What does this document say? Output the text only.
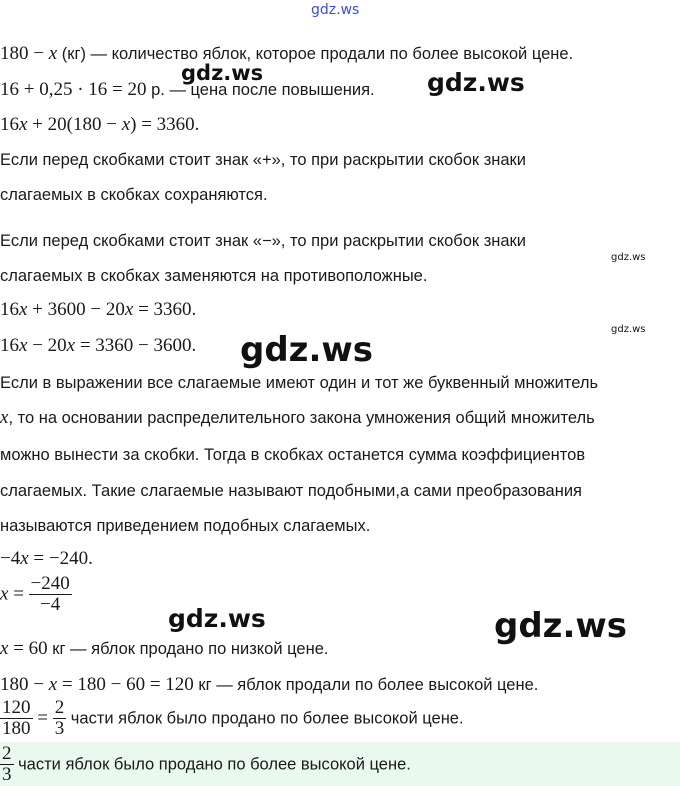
gdz.ws
gdz.ws	gdz.ws
gdz.ws
gdz.ws
gdz.ws
gdz.ws	gdz.ws
180 − x (кг) — количество яблок, которое продали по более высокой цене.
16 + 0,25 · 16 = 20 р. — цена после повышения.
16x + 20(180 − x) = 3360.
Если перед скобками стоит знак «+», то при раскрытии скобок знаки
слагаемых в скобках сохраняются.
Если перед скобками стоит знак «−», то при раскрытии скобок знаки
слагаемых в скобках заменяются на противоположные.
16x + 3600 − 20x = 3360.
16x − 20x = 3360 − 3600.
Если в выражении все слагаемые имеют один и тот же буквенный множитель
x, то на основании распределительного закона умножения общий множитель
можно вынести за скобки. Тогда в скобках останется сумма коэффициентов
слагаемых. Такие слагаемые называют подобными,а сами преобразования
называются приведением подобных слагаемых.
−4x = −240.
$x = \frac{-240}{-4}$
x = 60 кг — яблок продано по низкой цене.
180 − x = 180 − 60 = 120 кг — яблок продали по более высокой цене.
$\frac{120}{180} = \frac{2}{3}$ части яблок было продано по более высокой цене.
$\frac{2}{3}$ части яблок было продано по более высокой цене.
